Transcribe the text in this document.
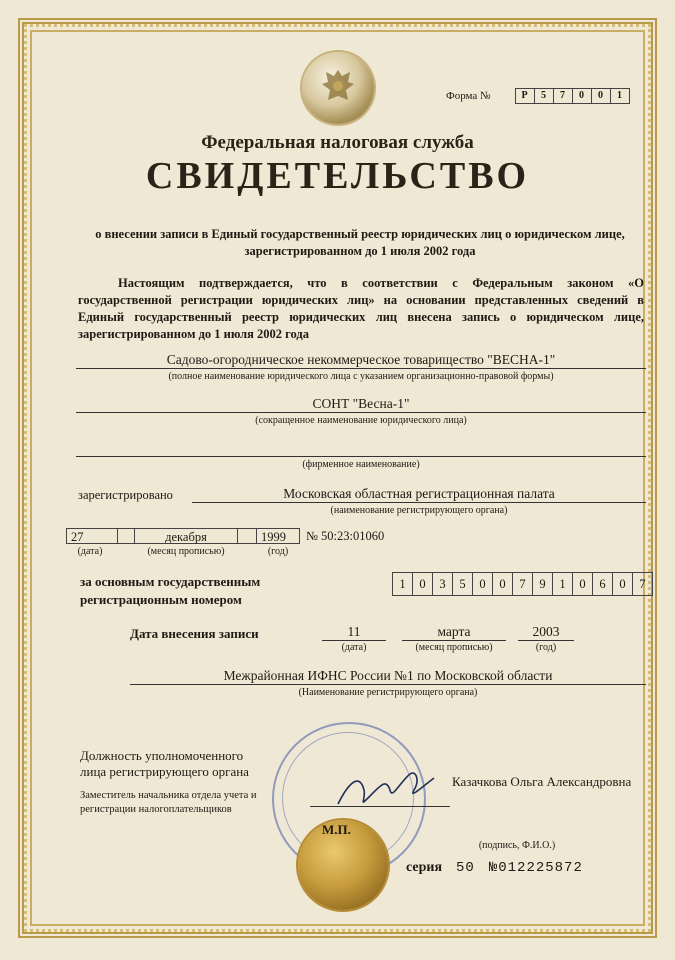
Форма №	Р	5	7	0	0	1
Федеральная налоговая служба
СВИДЕТЕЛЬСТВО
о внесении записи в Единый государственный реестр юридических лиц о юридическом лице, зарегистрированном до 1 июля 2002 года
Настоящим подтверждается, что в соответствии с Федеральным законом «О государственной регистрации юридических лиц» на основании представленных сведений в Единый государственный реестр юридических лиц внесена запись о юридическом лице, зарегистрированном до 1 июля 2002 года
Садово-огородническое некоммерческое товарищество "ВЕСНА-1"
(полное наименование юридического лица с указанием организационно-правовой формы)
СОНТ "Весна-1"
(сокращенное наименование юридического лица)
(фирменное наименование)
зарегистрировано	Московская областная регистрационная палата
(наименование регистрирующего органа)
27	декабря	1999	№ 50:23:01060
(дата)	(месяц прописью)	(год)
за основным государственным
регистрационным номером
1	0	3	5	0	0	7	9	1	0	6	0	7
Дата внесения записи	11	марта	2003
(дата)	(месяц прописью)	(год)
Межрайонная ИФНС России №1 по Московской области
(Наименование регистрирующего органа)
М.П.
Должность уполномоченного
лица регистрирующего органа
Заместитель начальника отдела учета и
регистрации налогоплательщиков
Казачкова Ольга Александровна
(подпись, Ф.И.О.)
серия 50 №012225872
